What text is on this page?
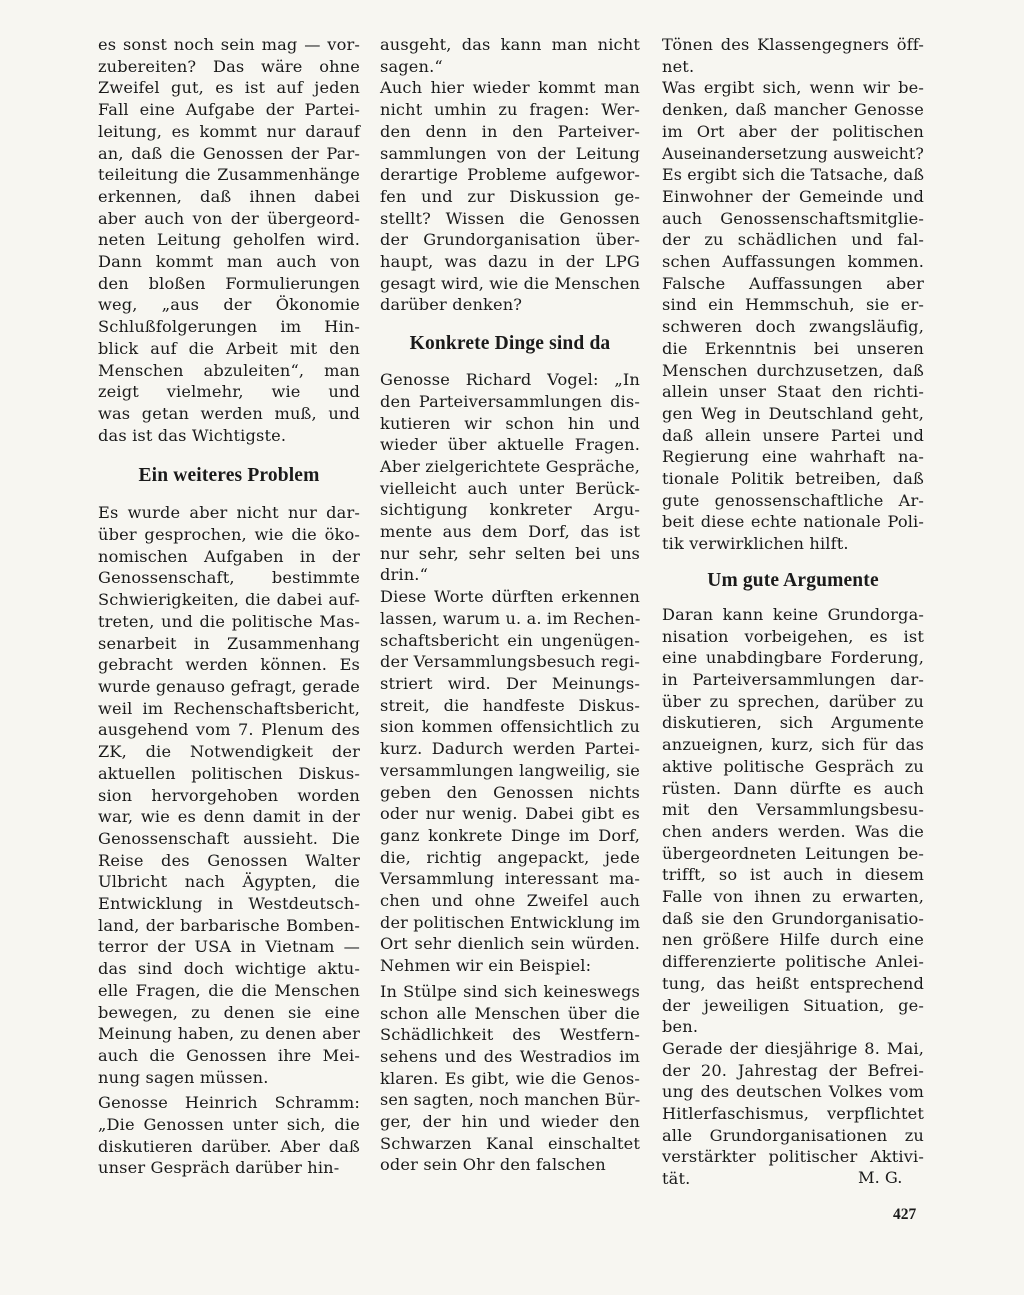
es sonst noch sein mag — vor-
zubereiten? Das wäre ohne
Zweifel gut, es ist auf jeden
Fall eine Aufgabe der Partei-
leitung, es kommt nur darauf
an, daß die Genossen der Par-
teileitung die Zusammenhänge
erkennen, daß ihnen dabei
aber auch von der übergeord-
neten Leitung geholfen wird.
Dann kommt man auch von
den bloßen Formulierungen
weg, „aus der Ökonomie
Schlußfolgerungen im Hin-
blick auf die Arbeit mit den
Menschen abzuleiten“, man
zeigt vielmehr, wie und
was getan werden muß, und
das ist das Wichtigste.

Ein weiteres Problem

Es wurde aber nicht nur dar-
über gesprochen, wie die öko-
nomischen Aufgaben in der
Genossenschaft, bestimmte
Schwierigkeiten, die dabei auf-
treten, und die politische Mas-
senarbeit in Zusammenhang
gebracht werden können. Es
wurde genauso gefragt, gerade
weil im Rechenschaftsbericht,
ausgehend vom 7. Plenum des
ZK, die Notwendigkeit der
aktuellen politischen Diskus-
sion hervorgehoben worden
war, wie es denn damit in der
Genossenschaft aussieht. Die
Reise des Genossen Walter
Ulbricht nach Ägypten, die
Entwicklung in Westdeutsch-
land, der barbarische Bomben-
terror der USA in Vietnam —
das sind doch wichtige aktu-
elle Fragen, die die Menschen
bewegen, zu denen sie eine
Meinung haben, zu denen aber
auch die Genossen ihre Mei-
nung sagen müssen.

Genosse Heinrich Schramm:
„Die Genossen unter sich, die
diskutieren darüber. Aber daß
unser Gespräch darüber hin-

ausgeht, das kann man nicht
sagen.“

Auch hier wieder kommt man
nicht umhin zu fragen: Wer-
den denn in den Parteiver-
sammlungen von der Leitung
derartige Probleme aufgewor-
fen und zur Diskussion ge-
stellt? Wissen die Genossen
der Grundorganisation über-
haupt, was dazu in der LPG
gesagt wird, wie die Menschen
darüber denken?

Konkrete Dinge sind da

Genosse Richard Vogel: „In
den Parteiversammlungen dis-
kutieren wir schon hin und
wieder über aktuelle Fragen.
Aber zielgerichtete Gespräche,
vielleicht auch unter Berück-
sichtigung konkreter Argu-
mente aus dem Dorf, das ist
nur sehr, sehr selten bei uns
drin.“

Diese Worte dürften erkennen
lassen, warum u. a. im Rechen-
schaftsbericht ein ungenügen-
der Versammlungsbesuch regi-
striert wird. Der Meinungs-
streit, die handfeste Diskus-
sion kommen offensichtlich zu
kurz. Dadurch werden Partei-
versammlungen langweilig, sie
geben den Genossen nichts
oder nur wenig. Dabei gibt es
ganz konkrete Dinge im Dorf,
die, richtig angepackt, jede
Versammlung interessant ma-
chen und ohne Zweifel auch
der politischen Entwicklung im
Ort sehr dienlich sein würden.
Nehmen wir ein Beispiel:

In Stülpe sind sich keineswegs
schon alle Menschen über die
Schädlichkeit des Westfern-
sehens und des Westradios im
klaren. Es gibt, wie die Genos-
sen sagten, noch manchen Bür-
ger, der hin und wieder den
Schwarzen Kanal einschaltet
oder sein Ohr den falschen

Tönen des Klassengegners öff-
net.

Was ergibt sich, wenn wir be-
denken, daß mancher Genosse
im Ort aber der politischen
Auseinandersetzung ausweicht?
Es ergibt sich die Tatsache, daß
Einwohner der Gemeinde und
auch Genossenschaftsmitglie-
der zu schädlichen und fal-
schen Auffassungen kommen.
Falsche Auffassungen aber
sind ein Hemmschuh, sie er-
schweren doch zwangsläufig,
die Erkenntnis bei unseren
Menschen durchzusetzen, daß
allein unser Staat den richti-
gen Weg in Deutschland geht,
daß allein unsere Partei und
Regierung eine wahrhaft na-
tionale Politik betreiben, daß
gute genossenschaftliche Ar-
beit diese echte nationale Poli-
tik verwirklichen hilft.

Um gute Argumente

Daran kann keine Grundorga-
nisation vorbeigehen, es ist
eine unabdingbare Forderung,
in Parteiversammlungen dar-
über zu sprechen, darüber zu
diskutieren, sich Argumente
anzueignen, kurz, sich für das
aktive politische Gespräch zu
rüsten. Dann dürfte es auch
mit den Versammlungsbesu-
chen anders werden. Was die
übergeordneten Leitungen be-
trifft, so ist auch in diesem
Falle von ihnen zu erwarten,
daß sie den Grundorganisatio-
nen größere Hilfe durch eine
differenzierte politische Anlei-
tung, das heißt entsprechend
der jeweiligen Situation, ge-
ben.

Gerade der diesjährige 8. Mai,
der 20. Jahrestag der Befrei-
ung des deutschen Volkes vom
Hitlerfaschismus, verpflichtet
alle Grundorganisationen zu
verstärkter politischer Aktivi-
tät.	M. G.
427
